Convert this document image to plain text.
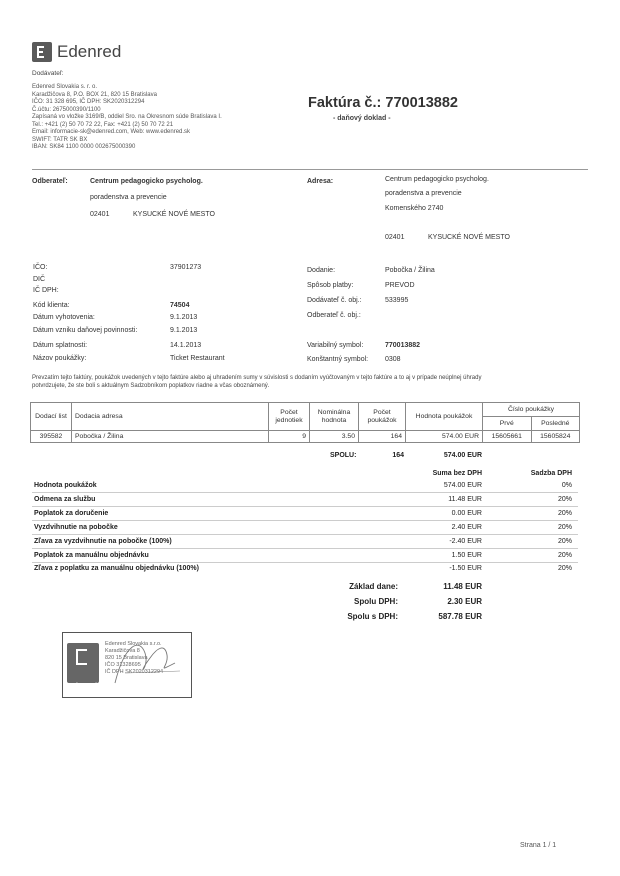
Edenred
Dodávateľ:
Edenred Slovakia s. r. o.
Karadžičova 8, P.O. BOX 21, 820 15 Bratislava
IČO: 31 328 695, IČ DPH: SK2020312294
Č.účtu: 2675000390/1100
Zapísaná vo vložke 3169/B, oddiel Sro. na Okresnom súde Bratislava I.
Tel.: +421 (2) 50 70 72 22, Fax: +421 (2) 50 70 72 21
Email: informacie-sk@edenred.com, Web: www.edenred.sk
SWIFT: TATR SK BX
IBAN: SK84 1100 0000 002675000390
Faktúra č.: 770013882
- daňový doklad -
Odberateľ:	Centrum pedagogicko psycholog.
poradenstva a prevencie
02401	KYSUCKÉ NOVÉ MESTO
Adresa:	Centrum pedagogicko psycholog.
poradenstva a prevencie
Komenského 2740
02401	KYSUCKÉ NOVÉ MESTO
IČO:	37901273
DIČ
IČ DPH:
Kód klienta:	74504
Dátum vyhotovenia:	9.1.2013
Dátum vzniku daňovej povinnosti:	9.1.2013
Dátum splatnosti:	14.1.2013
Názov poukážky:	Ticket Restaurant
Dodanie:	Pobočka / Žilina
Spôsob platby:	PREVOD
Dodávateľ č. obj.:	533995
Odberateľ č. obj.:
Variabilný symbol:	770013882
Konštantný symbol: 0308
Prevzatím tejto faktúry, poukážok uvedených v tejto faktúre alebo aj uhradením sumy v súvislosti s dodaním vyúčtovaným v tejto faktúre a to aj v prípade neúplnej úhrady
potvrdzujete, že ste boli s aktuálnym Sadzobníkom poplatkov riadne a včas oboznámený.
Dodací list	Dodacia adresa	Počet jednotiek	Nominálna hodnota	Počet poukážok	Hodnota poukážok	Číslo poukážky	
						Prvé	Posledné
395582	Pobočka / Žilina	9	3.50	164	574.00 EUR	15605661	15605824
SPOLU:	164	574.00 EUR
Suma bez DPH	Sadzba DPH
Hodnota poukážok	574.00 EUR	0%
Odmena za službu	11.48 EUR	20%
Poplatok za doručenie	0.00 EUR	20%
Vyzdvihnutie na pobočke	2.40 EUR	20%
Zľava za vyzdvihnutie na pobočke (100%)	-2.40 EUR	20%
Poplatok za manuálnu objednávku	1.50 EUR	20%
Zľava z poplatku za manuálnu objednávku (100%)	-1.50 EUR	20%
Základ dane:	11.48 EUR
Spolu DPH:	2.30 EUR
Spolu s DPH:	587.78 EUR
Edenred Slovakia s.r.o.
Karadžičova 8
820 15 Bratislava
IČO 31328695
IČ DPH SK2020312294
Edenred
Strana 1 / 1
